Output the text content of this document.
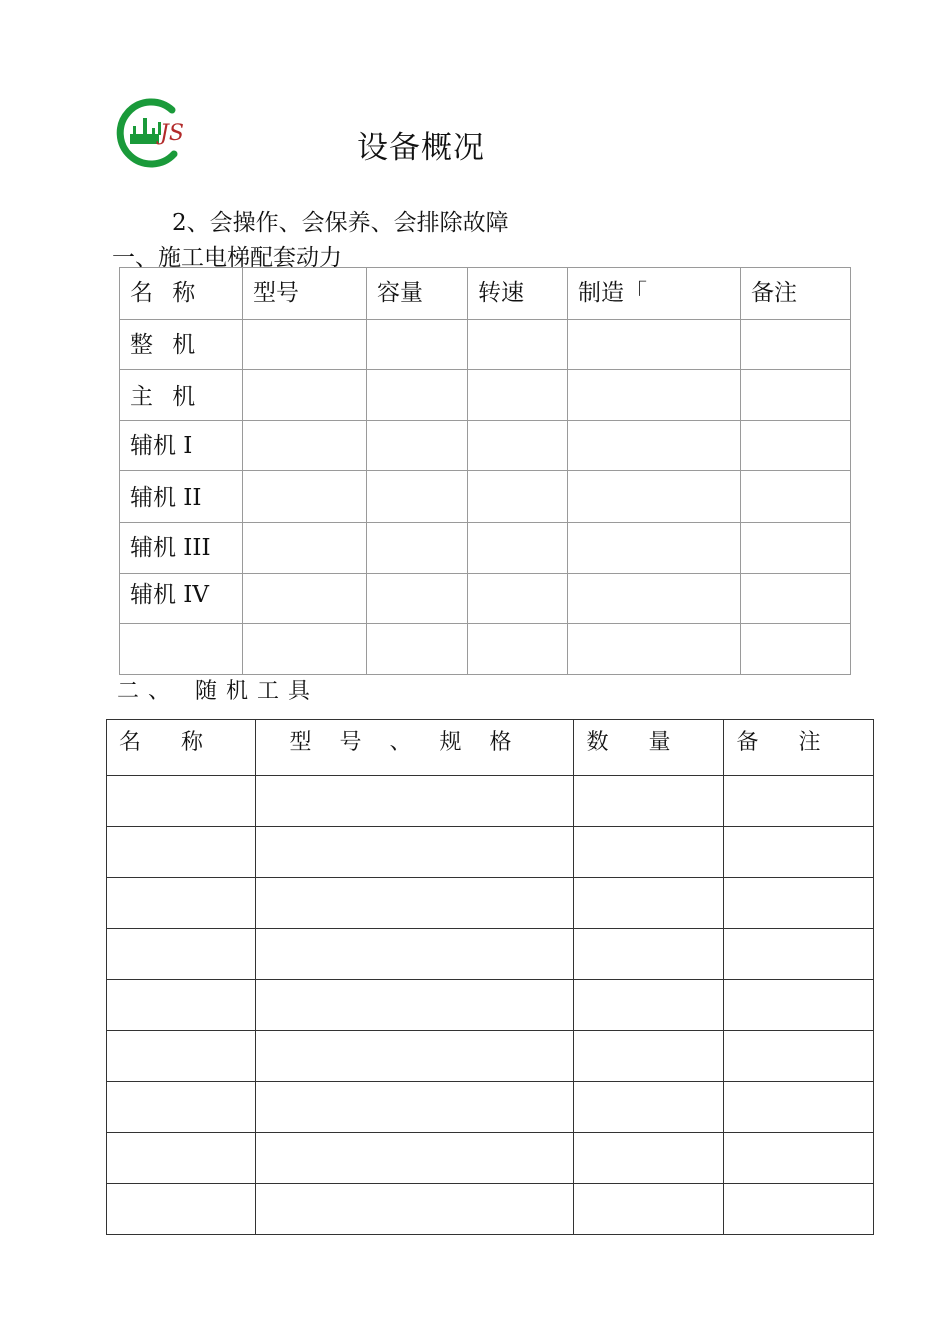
JS	设备概况
2、会操作、会保养、会排除故障
一、施工电梯配套动力
名 称	型号	容量	转速	制造「	备注
整 机					
主 机					
辅机 I					
辅机 II					
辅机 III					
辅机 IV					

二、 随机工具
名称	型号、规格	数量	备注
